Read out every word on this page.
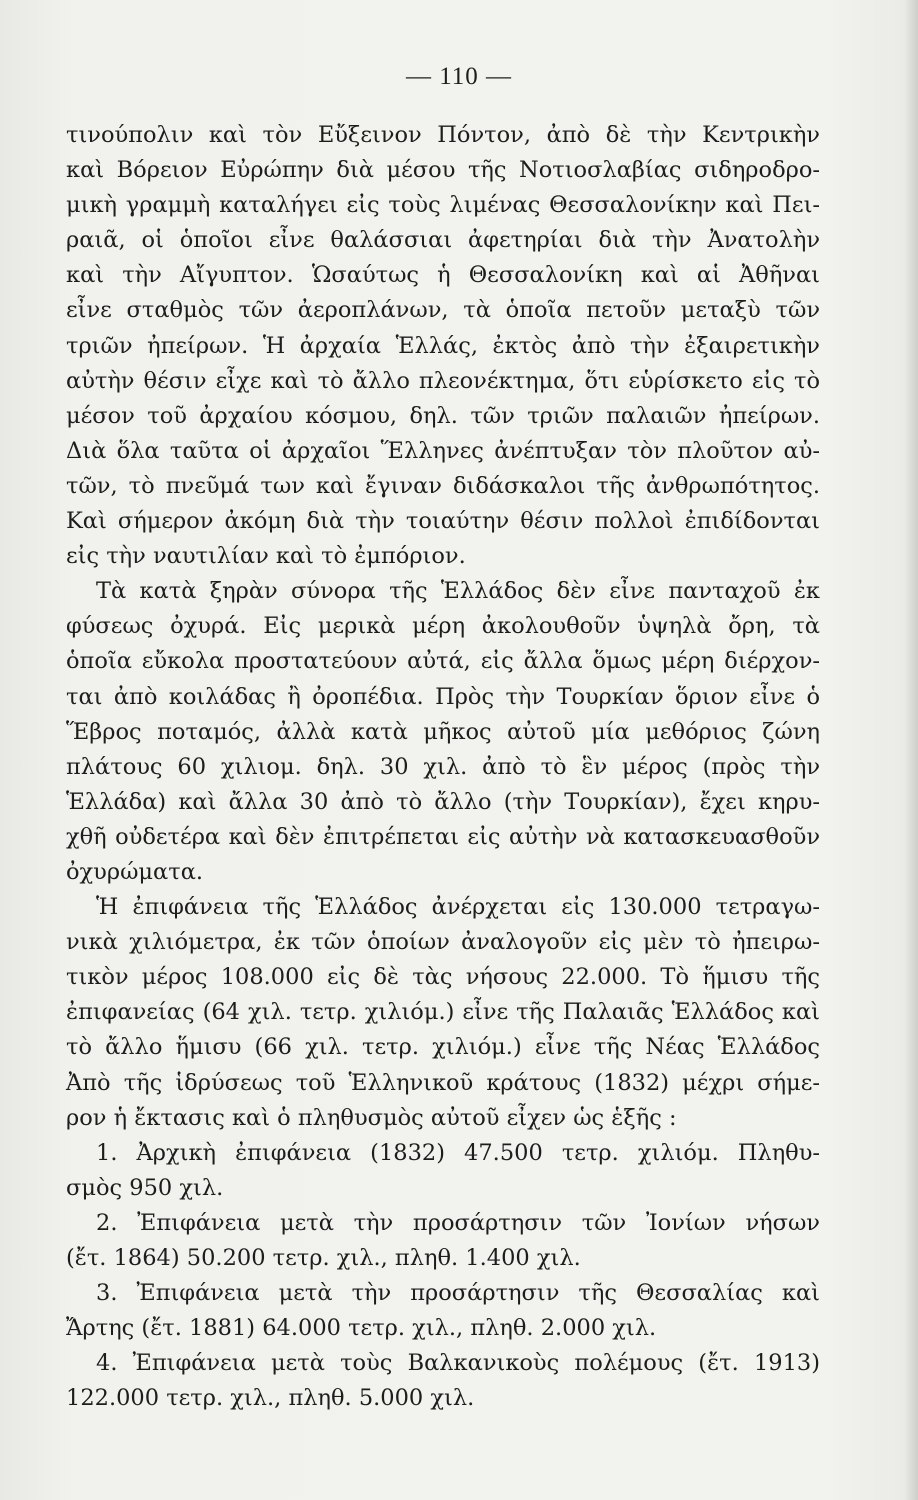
— 110 —
τινούπολιν καὶ τὸν Εὔξεινον Πόντον, ἀπὸ δὲ τὴν Κεντρικὴν
καὶ Βόρειον Εὐρώπην διὰ μέσου τῆς Νοτιοσλαβίας σιδηροδρο-
μικὴ γραμμὴ καταλήγει εἰς τοὺς λιμένας Θεσσαλονίκην καὶ Πει-
ραιᾶ, οἱ ὁποῖοι εἶνε θαλάσσιαι ἀφετηρίαι διὰ τὴν Ἀνατολὴν
καὶ τὴν Αἴγυπτον. Ὡσαύτως ἡ Θεσσαλονίκη καὶ αἱ Ἀθῆναι
εἶνε σταθμὸς τῶν ἀεροπλάνων, τὰ ὁποῖα πετοῦν μεταξὺ τῶν
τριῶν ἠπείρων. Ἡ ἀρχαία Ἑλλάς, ἐκτὸς ἀπὸ τὴν ἐξαιρετικὴν
αὐτὴν θέσιν εἶχε καὶ τὸ ἄλλο πλεονέκτημα, ὅτι εὑρίσκετο εἰς τὸ
μέσον τοῦ ἀρχαίου κόσμου, δηλ. τῶν τριῶν παλαιῶν ἠπείρων.
Διὰ ὅλα ταῦτα οἱ ἀρχαῖοι Ἕλληνες ἀνέπτυξαν τὸν πλοῦτον αὐ-
τῶν, τὸ πνεῦμά των καὶ ἔγιναν διδάσκαλοι τῆς ἀνθρωπότητος.
Καὶ σήμερον ἀκόμη διὰ τὴν τοιαύτην θέσιν πολλοὶ ἐπιδίδονται
εἰς τὴν ναυτιλίαν καὶ τὸ ἐμπόριον.
Τὰ κατὰ ξηρὰν σύνορα τῆς Ἑλλάδος δὲν εἶνε πανταχοῦ ἐκ
φύσεως ὀχυρά. Εἰς μερικὰ μέρη ἀκολουθοῦν ὑψηλὰ ὄρη, τὰ
ὁποῖα εὔκολα προστατεύουν αὐτά, εἰς ἄλλα ὅμως μέρη διέρχον-
ται ἀπὸ κοιλάδας ἢ ὀροπέδια. Πρὸς τὴν Τουρκίαν ὅριον εἶνε ὁ
Ἕβρος ποταμός, ἀλλὰ κατὰ μῆκος αὐτοῦ μία μεθόριος ζώνη
πλάτους 60 χιλιομ. δηλ. 30 χιλ. ἀπὸ τὸ ἓν μέρος (πρὸς τὴν
Ἑλλάδα) καὶ ἄλλα 30 ἀπὸ τὸ ἄλλο (τὴν Τουρκίαν), ἔχει κηρυ-
χθῆ οὐδετέρα καὶ δὲν ἐπιτρέπεται εἰς αὐτὴν νὰ κατασκευασθοῦν
ὀχυρώματα.
Ἡ ἐπιφάνεια τῆς Ἑλλάδος ἀνέρχεται εἰς 130.000 τετραγω-
νικὰ χιλιόμετρα, ἐκ τῶν ὁποίων ἀναλογοῦν εἰς μὲν τὸ ἠπειρω-
τικὸν μέρος 108.000 εἰς δὲ τὰς νήσους 22.000. Τὸ ἥμισυ τῆς
ἐπιφανείας (64 χιλ. τετρ. χιλιόμ.) εἶνε τῆς Παλαιᾶς Ἑλλάδος καὶ
τὸ ἄλλο ἥμισυ (66 χιλ. τετρ. χιλιόμ.) εἶνε τῆς Νέας Ἑλλάδος
Ἀπὸ τῆς ἱδρύσεως τοῦ Ἑλληνικοῦ κράτους (1832) μέχρι σήμε-
ρον ἡ ἔκτασις καὶ ὁ πληθυσμὸς αὐτοῦ εἶχεν ὡς ἑξῆς :
1. Ἀρχικὴ ἐπιφάνεια (1832) 47.500 τετρ. χιλιόμ. Πληθυ-
σμὸς 950 χιλ.
2. Ἐπιφάνεια μετὰ τὴν προσάρτησιν τῶν Ἰονίων νήσων
(ἔτ. 1864) 50.200 τετρ. χιλ., πληθ. 1.400 χιλ.
3. Ἐπιφάνεια μετὰ τὴν προσάρτησιν τῆς Θεσσαλίας καὶ
Ἄρτης (ἔτ. 1881) 64.000 τετρ. χιλ., πληθ. 2.000 χιλ.
4. Ἐπιφάνεια μετὰ τοὺς Βαλκανικοὺς πολέμους (ἔτ. 1913)
122.000 τετρ. χιλ., πληθ. 5.000 χιλ.
